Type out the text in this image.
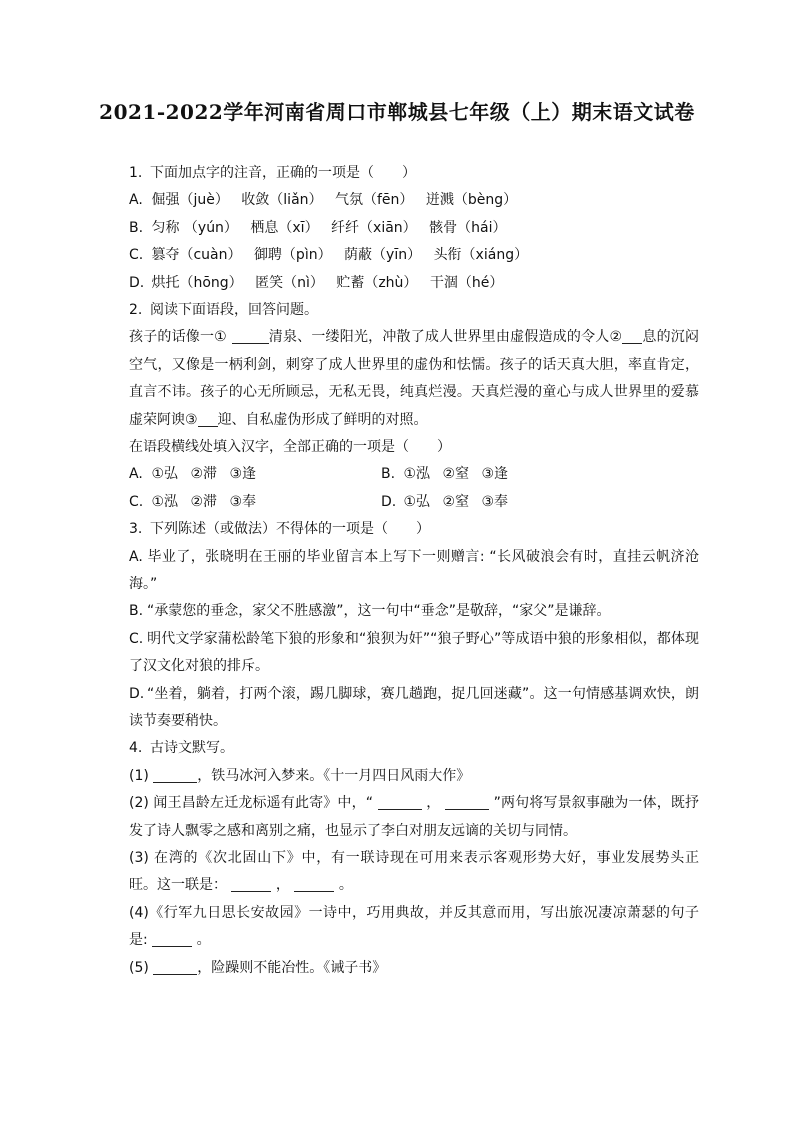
2021-2022学年河南省周口市郸城县七年级（上）期末语文试卷
1. 下面加点字的注音，正确的一项是（　　）
A. 倔强（juè） 收敛（liǎn） 气氛（fēn） 迸溅（bèng）
B. 匀称 （yún） 栖息（xī） 纤纤（xiān） 骸骨（hái）
C. 篡夺（cuàn） 御聘（pìn） 荫蔽（yīn） 头衔（xiáng）
D. 烘托（hōng） 匿笑（nì） 贮蓄（zhù） 干涸（hé）
2. 阅读下面语段，回答问题。
孩子的话像一①	清泉、一缕阳光，冲散了成人世界里由虚假造成的令人② 息的沉闷空气，又像是一柄利剑，刺穿了成人世界里的虚伪和怯懦。孩子的话天真大胆，率直肯定，直言不讳。孩子的心无所顾忌，无私无畏，纯真烂漫。天真烂漫的童心与成人世界里的爱慕虚荣阿谀③ 迎、自私虚伪形成了鲜明的对照。
在语段横线处填入汉字，全部正确的一项是（　　）
A. ①弘 ②滞 ③逢	B. ①泓 ②窒 ③逢
C. ①泓 ②滞 ③奉	D. ①弘 ②窒 ③奉
3. 下列陈述（或做法）不得体的一项是（　　）
A. 毕业了，张晓明在王丽的毕业留言本上写下一则赠言: “长风破浪会有时，直挂云帆济沧海。”
B. “承蒙您的垂念，家父不胜感激”，这一句中“垂念”是敬辞，“家父”是谦辞。
C. 明代文学家蒲松龄笔下狼的形象和“狼狈为奸”“狼子野心”等成语中狼的形象相似，都体现了汉文化对狼的排斥。
D. “坐着，躺着，打两个滚，踢几脚球，赛几趟跑，捉几回迷藏”。这一句情感基调欢快，朗读节奏要稍快。
4. 古诗文默写。
(1)	，铁马冰河入梦来。《十一月四日风雨大作》
(2) 闻王昌龄左迁龙标遥有此寄》中，“	，	”两句将写景叙事融为一体，既抒发了诗人飘零之感和离别之痛，也显示了李白对朋友远谪的关切与同情。
(3) 在湾的《次北固山下》中，有一联诗现在可用来表示客观形势大好，事业发展势头正旺。这一联是：	，	。
(4)《行军九日思长安故园》一诗中，巧用典故，并反其意而用，写出旅况凄凉萧瑟的句子是:	。
(5)	，险躁则不能冶性。《诫子书》
